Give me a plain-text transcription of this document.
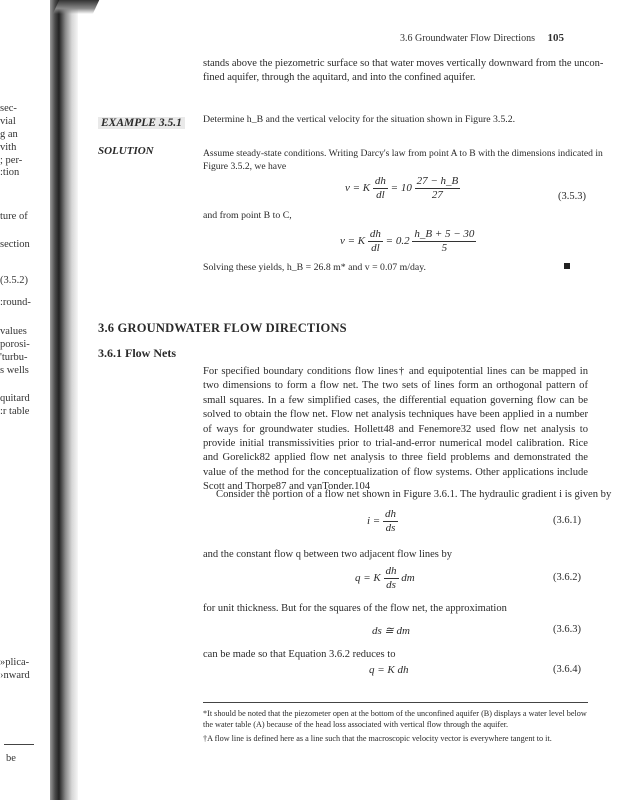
sec-
vial
g an
vith
; per-
:tion
ture of
section
(3.5.2)
:round-
values
porosi-
'turbu-
s wells
quitard
:r table
»plica-
›nward
be
3.6 Groundwater Flow Directions 105
stands above the piezometric surface so that water moves vertically downward from the uncon-
fined aquifer, through the aquitard, and into the confined aquifer.
EXAMPLE 3.5.1	Determine h_B and the vertical velocity for the situation shown in Figure 3.5.2.
SOLUTION	Assume steady-state conditions. Writing Darcy's law from point A to B with the dimensions indicated in
Figure 3.5.2, we have
v = K $\frac{dh}{dl} = 10 \frac{27 - h\_B}{27}$	(3.5.3)
and from point B to C,
v = K $\frac{dh}{dl} = 0.2 \frac{h\_B + 5 - 30}{5}$
Solving these yields, h_B = 26.8 m* and v = 0.07 m/day.
3.6 GROUNDWATER FLOW DIRECTIONS
3.6.1 Flow Nets
For specified boundary conditions flow lines† and equipotential lines can be mapped in two dimensions to form a flow net. The two sets of lines form an orthogonal pattern of small squares. In a few simplified cases, the differential equation governing flow can be solved to obtain the flow net. Flow net analysis techniques have been applied in a number of ways for groundwater studies. Hollett48 and Fenemore32 used flow net analysis to provide initial transmissivities prior to trial-and-error numerical model calibration. Rice and Gorelick82 applied flow net analysis to three field problems and demonstrated the value of the method for the conceptualization of flow systems. Other applications include Scott and Thorpe87 and vanTonder.104
Consider the portion of a flow net shown in Figure 3.6.1. The hydraulic gradient i is given by
$i = \frac{dh}{ds}$	(3.6.1)
and the constant flow q between two adjacent flow lines by
q = K $\frac{dh}{ds}$ dm	(3.6.2)
for unit thickness. But for the squares of the flow net, the approximation
ds ≅ dm	(3.6.3)
can be made so that Equation 3.6.2 reduces to
q = K dh	(3.6.4)
*It should be noted that the piezometer open at the bottom of the unconfined aquifer (B) displays a water level below the water table (A) because of the head loss associated with vertical flow through the aquifer.
†A flow line is defined here as a line such that the macroscopic velocity vector is everywhere tangent to it.
